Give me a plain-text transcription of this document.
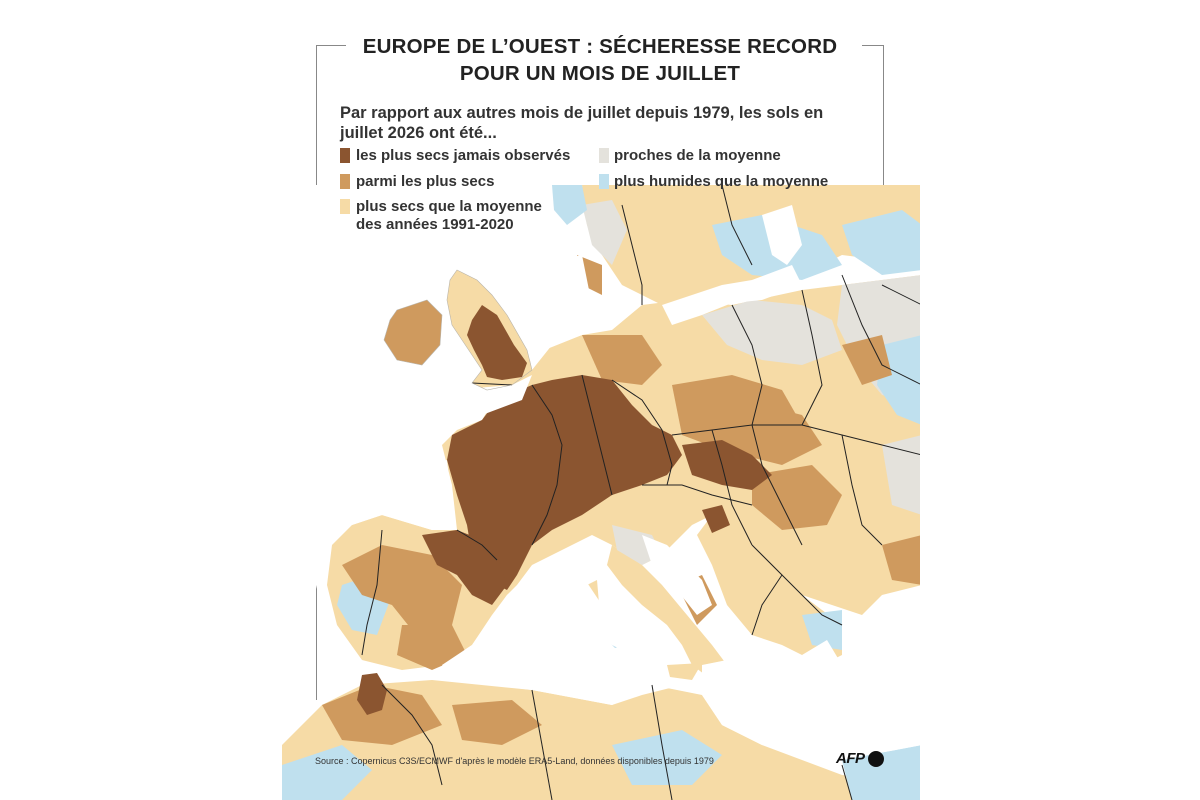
EUROPE DE L’OUEST : SÉCHERESSE RECORD
POUR UN MOIS DE JUILLET
Par rapport aux autres mois de juillet depuis 1979, les sols en
juillet 2026 ont été...
les plus secs jamais observés
parmi les plus secs
plus secs que la moyenne
des années 1991-2020
proches de la moyenne
plus humides que la moyenne
Source : Copernicus C3S/ECMWF d'après le modèle ERA5-Land, données disponibles depuis 1979	AFP
